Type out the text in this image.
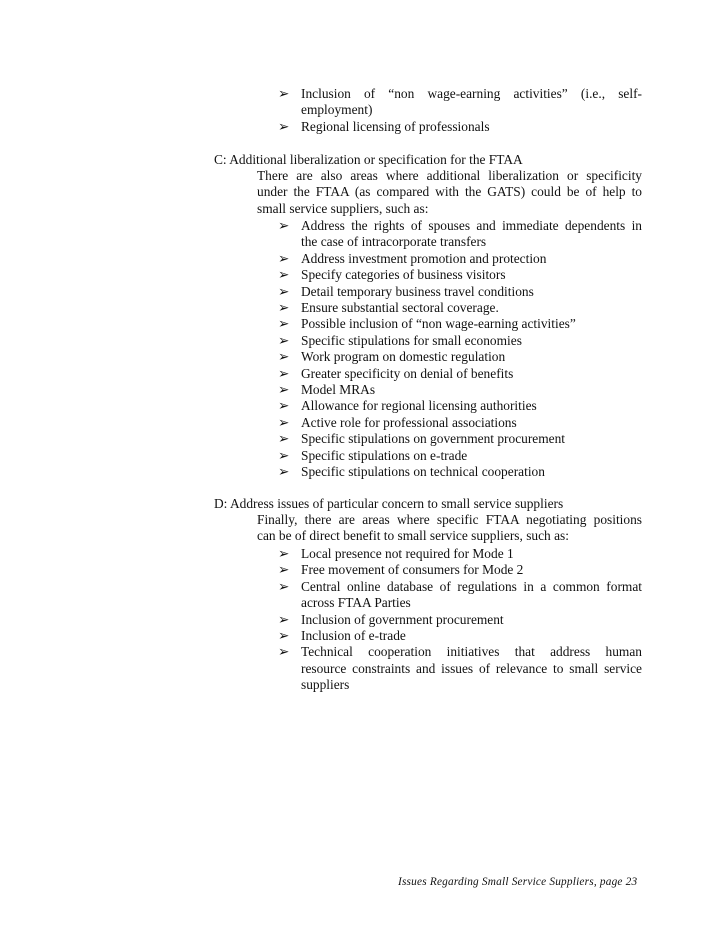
➢ Inclusion of “non wage-earning activities” (i.e., self-
employment)
➢ Regional licensing of professionals
C: Additional liberalization or specification for the FTAA
There are also areas where additional liberalization or specificity
under the FTAA (as compared with the GATS) could be of help to
small service suppliers, such as:
➢ Address the rights of spouses and immediate dependents in
the case of intracorporate transfers
➢ Address investment promotion and protection
➢ Specify categories of business visitors
➢ Detail temporary business travel conditions
➢ Ensure substantial sectoral coverage.
➢ Possible inclusion of “non wage-earning activities”
➢ Specific stipulations for small economies
➢ Work program on domestic regulation
➢ Greater specificity on denial of benefits
➢ Model MRAs
➢ Allowance for regional licensing authorities
➢ Active role for professional associations
➢ Specific stipulations on government procurement
➢ Specific stipulations on e-trade
➢ Specific stipulations on technical cooperation
D: Address issues of particular concern to small service suppliers
Finally, there are areas where specific FTAA negotiating positions
can be of direct benefit to small service suppliers, such as:
➢ Local presence not required for Mode 1
➢ Free movement of consumers for Mode 2
➢ Central online database of regulations in a common format
across FTAA Parties
➢ Inclusion of government procurement
➢ Inclusion of e-trade
➢ Technical cooperation initiatives that address human
resource constraints and issues of relevance to small service
suppliers
Issues Regarding Small Service Suppliers, page 23
